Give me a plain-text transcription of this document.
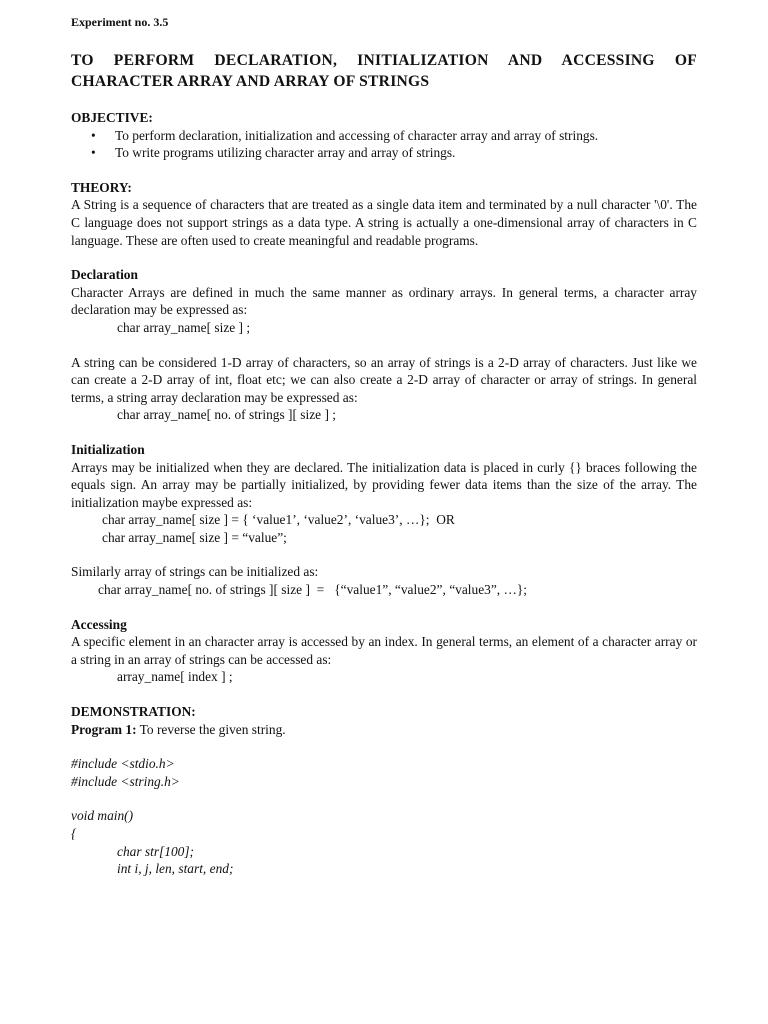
Experiment no. 3.5
TO PERFORM DECLARATION, INITIALIZATION AND ACCESSING OF CHARACTER ARRAY AND ARRAY OF STRINGS
OBJECTIVE:
• To perform declaration, initialization and accessing of character array and array of strings.
• To write programs utilizing character array and array of strings.
THEORY:

A String is a sequence of characters that are treated as a single data item and terminated by a null character '\0'. The C language does not support strings as a data type. A string is actually a one-dimensional array of characters in C language. These are often used to create meaningful and readable programs.

Declaration

Character Arrays are defined in much the same manner as ordinary arrays. In general terms, a character array declaration may be expressed as:

char array_name[ size ] ;

A string can be considered 1-D array of characters, so an array of strings is a 2-D array of characters. Just like we can create a 2-D array of int, float etc; we can also create a 2-D array of character or array of strings. In general terms, a string array declaration may be expressed as:

char array_name[ no. of strings ][ size ] ;
Initialization

Arrays may be initialized when they are declared. The initialization data is placed in curly {} braces following the equals sign. An array may be partially initialized, by providing fewer data items than the size of the array. The initialization maybe expressed as:

char array_name[ size ] = { ‘value1’, ‘value2’, ‘value3’, …};  OR
char array_name[ size ] = “value”;

Similarly array of strings can be initialized as:

char array_name[ no. of strings ][ size ]  =   {“value1”, “value2”, “value3”, …};
Accessing

A specific element in an character array is accessed by an index. In general terms, an element of a character array or a string in an array of strings can be accessed as:

array_name[ index ] ;
DEMONSTRATION:
Program 1: To reverse the given string.
#include <stdio.h>
#include <string.h>
void main()
{
char str[100];
int i, j, len, start, end;
